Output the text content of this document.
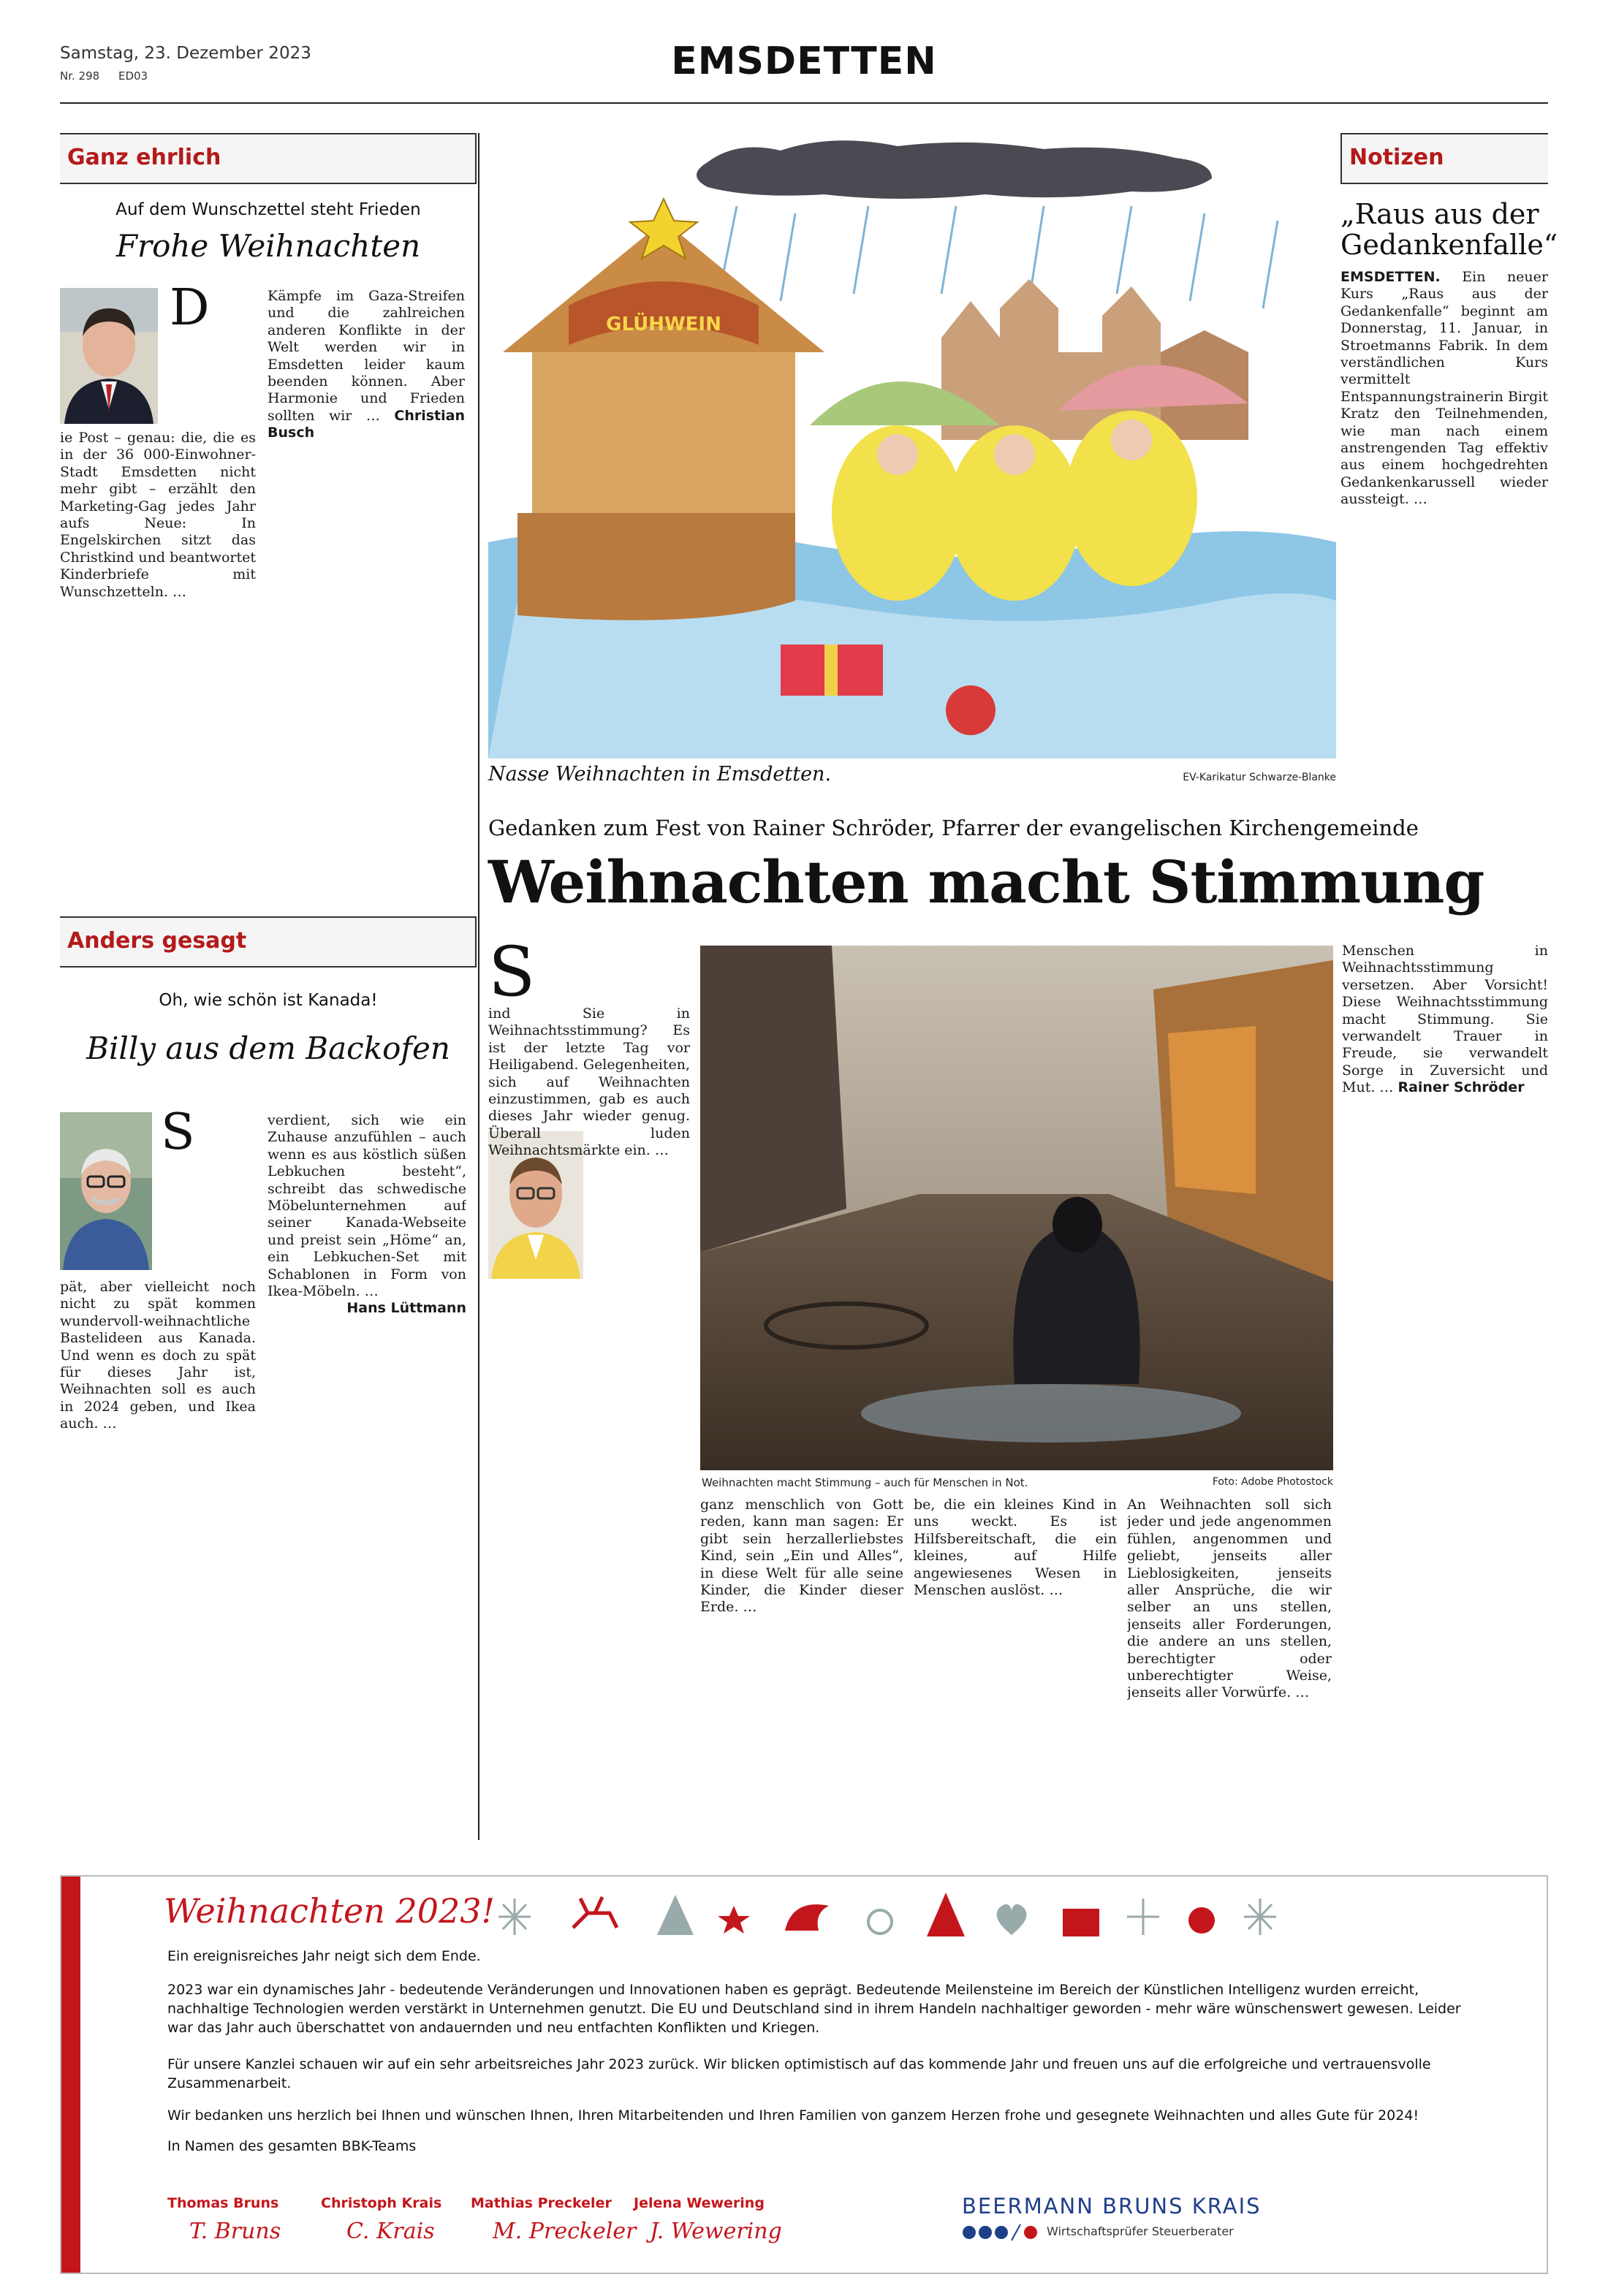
Samstag, 23. Dezember 2023
Nr. 298 ED03	EMSDETTEN
Ganz ehrlich
Auf dem Wunschzettel steht Frieden
Frohe Weihnachten
D
ie Post – genau: die, die es in der 36 000-Einwohner-Stadt Emsdetten nicht mehr gibt – erzählt den Marketing-Gag jedes Jahr aufs Neue: In Engelskirchen sitzt das Christkind und beantwortet Kinderbriefe mit Wunschzetteln. …
Kämpfe im Gaza-Streifen und die zahlreichen anderen Konflikte in der Welt werden wir in Emsdetten leider kaum beenden können. Aber Harmonie und Frieden sollten wir … Christian Busch
Anders gesagt
Oh, wie schön ist Kanada!
Billy aus dem Backofen
S
pät, aber vielleicht noch nicht zu spät kommen wundervoll-weihnachtliche Bastelideen aus Kanada. Und wenn es doch zu spät für dieses Jahr ist, Weihnachten soll es auch in 2024 geben, und Ikea auch. …
verdient, sich wie ein Zuhause anzufühlen – auch wenn es aus köstlich süßen Lebkuchen besteht“, schreibt das schwedische Möbelunternehmen auf seiner Kanada-Webseite und preist sein „Höme“ an, ein Lebkuchen-Set mit Schablonen in Form von Ikea-Möbeln. …
Hans Lüttmann
GLÜHWEIN
Nasse Weihnachten in Emsdetten.	EV-Karikatur Schwarze-Blanke
Notizen
„Raus aus der Gedankenfalle“
EMSDETTEN. Ein neuer Kurs „Raus aus der Gedankenfalle“ beginnt am Donnerstag, 11. Januar, in Stroetmanns Fabrik. In dem verständlichen Kurs vermittelt Entspannungstrainerin Birgit Kratz den Teilnehmenden, wie man nach einem anstrengenden Tag effektiv aus einem hochgedrehten Gedankenkarussell wieder aussteigt. …
Gedanken zum Fest von Rainer Schröder, Pfarrer der evangelischen Kirchengemeinde
Weihnachten macht Stimmung
S
ind Sie in Weihnachtsstimmung? Es ist der letzte Tag vor Heiligabend. Gelegenheiten, sich auf Weihnachten einzustimmen, gab es auch dieses Jahr wieder genug. Überall luden Weihnachtsmärkte ein. …
Weihnachten macht Stimmung – auch für Menschen in Not.	Foto: Adobe Photostock
ganz menschlich von Gott reden, kann man sagen: Er gibt sein herzallerliebstes Kind, sein „Ein und Alles“, in diese Welt für alle seine Kinder, die Kinder dieser Erde. …
be, die ein kleines Kind in uns weckt. Es ist Hilfsbereitschaft, die ein kleines, auf Hilfe angewiesenes Wesen in Menschen auslöst. …
An Weihnachten soll sich jeder und jede angenommen fühlen, angenommen und geliebt, jenseits aller Lieblosigkeiten, jenseits aller Ansprüche, die wir selber an uns stellen, jenseits aller Forderungen, die andere an uns stellen, berechtigter oder unberechtigter Weise, jenseits aller Vorwürfe. …
Menschen in Weihnachtsstimmung versetzen. Aber Vorsicht! Diese Weihnachtsstimmung macht Stimmung. Sie verwandelt Trauer in Freude, sie verwandelt Sorge in Zuversicht und Mut. … Rainer Schröder
Weihnachten 2023!
Ein ereignisreiches Jahr neigt sich dem Ende.
2023 war ein dynamisches Jahr - bedeutende Veränderungen und Innovationen haben es geprägt. Bedeutende Meilensteine im Bereich der Künstlichen Intelligenz wurden erreicht, nachhaltige Technologien werden verstärkt in Unternehmen genutzt. Die EU und Deutschland sind in ihrem Handeln nachhaltiger geworden - mehr wäre wünschenswert gewesen. Leider war das Jahr auch überschattet von andauernden und neu entfachten Konflikten und Kriegen.
Für unsere Kanzlei schauen wir auf ein sehr arbeitsreiches Jahr 2023 zurück. Wir blicken optimistisch auf das kommende Jahr und freuen uns auf die erfolgreiche und vertrauensvolle Zusammenarbeit.
Wir bedanken uns herzlich bei Ihnen und wünschen Ihnen, Ihren Mitarbeitenden und Ihren Familien von ganzem Herzen frohe und gesegnete Weihnachten und alles Gute für 2024!
In Namen des gesamten BBK-Teams
Thomas Bruns
T. Bruns
Christoph Krais
C. Krais
Mathias Preckeler
M. Preckeler
Jelena Wewering
J. Wewering
BEERMANN BRUNS KRAIS
Wirtschaftsprüfer Steuerberater
